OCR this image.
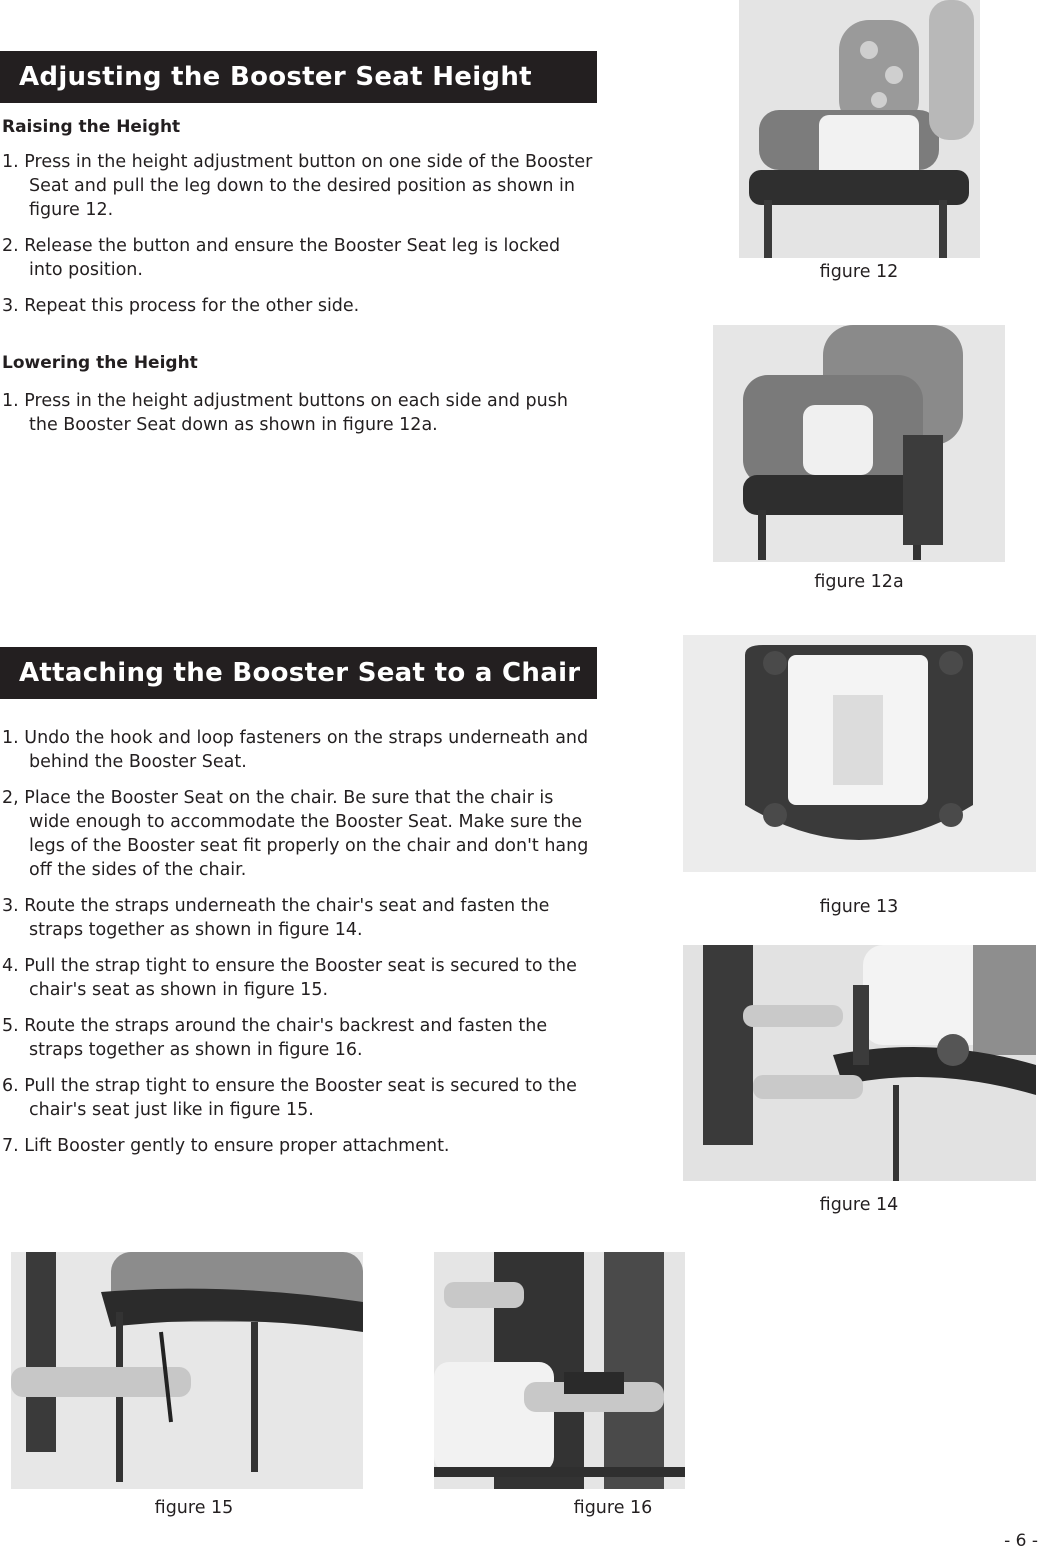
Adjusting the Booster Seat Height
Raising the Height
1. Press in the height adjustment button on one side of the Booster Seat and pull the leg down to the desired position as shown in figure 12.
2. Release the button and ensure the Booster Seat leg is locked into position.
3. Repeat this process for the other side.
Lowering the Height
1. Press in the height adjustment buttons on each side and push the Booster Seat down as shown in figure 12a.
Attaching the Booster Seat to a Chair
1. Undo the hook and loop fasteners on the straps underneath and behind the Booster Seat.
2, Place the Booster Seat on the chair. Be sure that the chair is wide enough to accommodate the Booster Seat. Make sure the legs of the Booster seat fit properly on the chair and don't hang off the sides of the chair.
3. Route the straps underneath the chair's seat and fasten the straps together as shown in figure 14.
4. Pull the strap tight to ensure the Booster seat is secured to the chair's seat as shown in figure 15.
5. Route the straps around the chair's backrest and fasten the straps together as shown in figure 16.
6. Pull the strap tight to ensure the Booster seat is secured to the chair's seat just like in figure 15.
7. Lift Booster gently to ensure proper attachment.
figure 12
figure 12a
figure 13
figure 14
figure 15	figure 16
- 6 -
